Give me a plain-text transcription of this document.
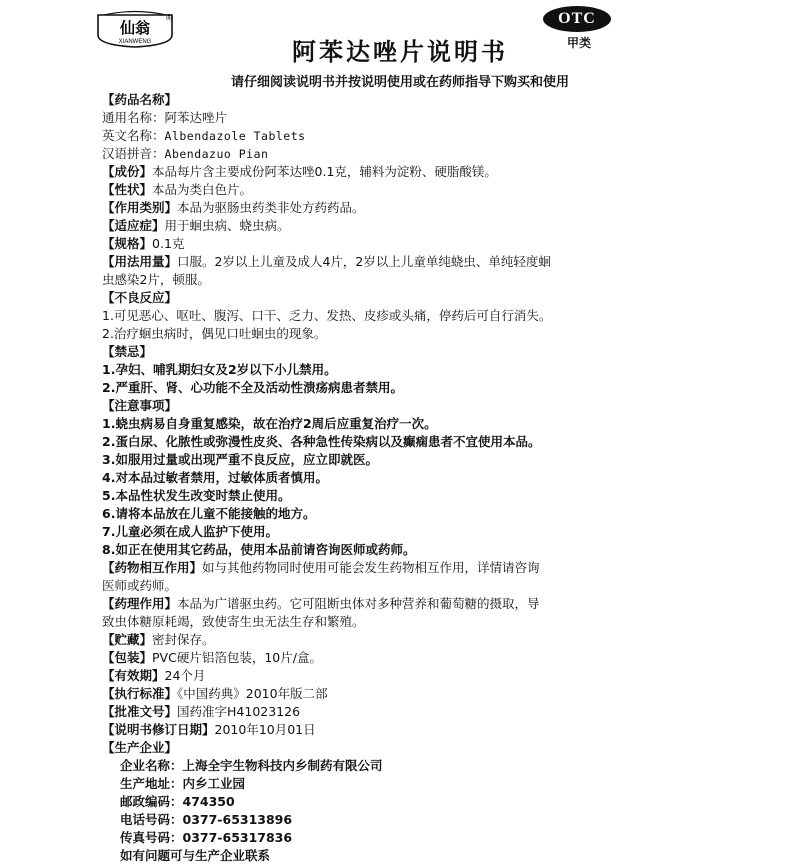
仙翁
XIANWENG
®	OTC
甲类
阿苯达唑片说明书

请仔细阅读说明书并按说明使用或在药师指导下购买和使用

【药品名称】
通用名称：阿苯达唑片
英文名称：Albendazole Tablets
汉语拼音：Abendazuo Pian
【成份】本品每片含主要成份阿苯达唑0.1克，辅料为淀粉、硬脂酸镁。
【性状】本品为类白色片。
【作用类别】本品为驱肠虫药类非处方药药品。
【适应症】用于蛔虫病、蛲虫病。
【规格】0.1克
【用法用量】口服。2岁以上儿童及成人4片，2岁以上儿童单纯蛲虫、单纯轻度蛔
虫感染2片，顿服。
【不良反应】
1.可见恶心、呕吐、腹泻、口干、乏力、发热、皮疹或头痛，停药后可自行消失。
2.治疗蛔虫病时，偶见口吐蛔虫的现象。
【禁忌】
1.孕妇、哺乳期妇女及2岁以下小儿禁用。
2.严重肝、肾、心功能不全及活动性溃疡病患者禁用。
【注意事项】
1.蛲虫病易自身重复感染，故在治疗2周后应重复治疗一次。
2.蛋白尿、化脓性或弥漫性皮炎、各种急性传染病以及癫痫患者不宜使用本品。
3.如服用过量或出现严重不良反应，应立即就医。
4.对本品过敏者禁用，过敏体质者慎用。
5.本品性状发生改变时禁止使用。
6.请将本品放在儿童不能接触的地方。
7.儿童必须在成人监护下使用。
8.如正在使用其它药品，使用本品前请咨询医师或药师。
【药物相互作用】如与其他药物同时使用可能会发生药物相互作用，详情请咨询
医师或药师。
【药理作用】本品为广谱驱虫药。它可阻断虫体对多种营养和葡萄糖的摄取，导
致虫体糖原耗竭，致使寄生虫无法生存和繁殖。
【贮藏】密封保存。
【包装】PVC硬片铝箔包装，10片/盒。
【有效期】24个月
【执行标准】《中国药典》2010年版二部
【批准文号】国药准字H41023126
【说明书修订日期】2010年10月01日
【生产企业】
企业名称：上海全宇生物科技内乡制药有限公司
生产地址：内乡工业园
邮政编码：474350
电话号码：0377-65313896
传真号码：0377-65317836
如有问题可与生产企业联系
